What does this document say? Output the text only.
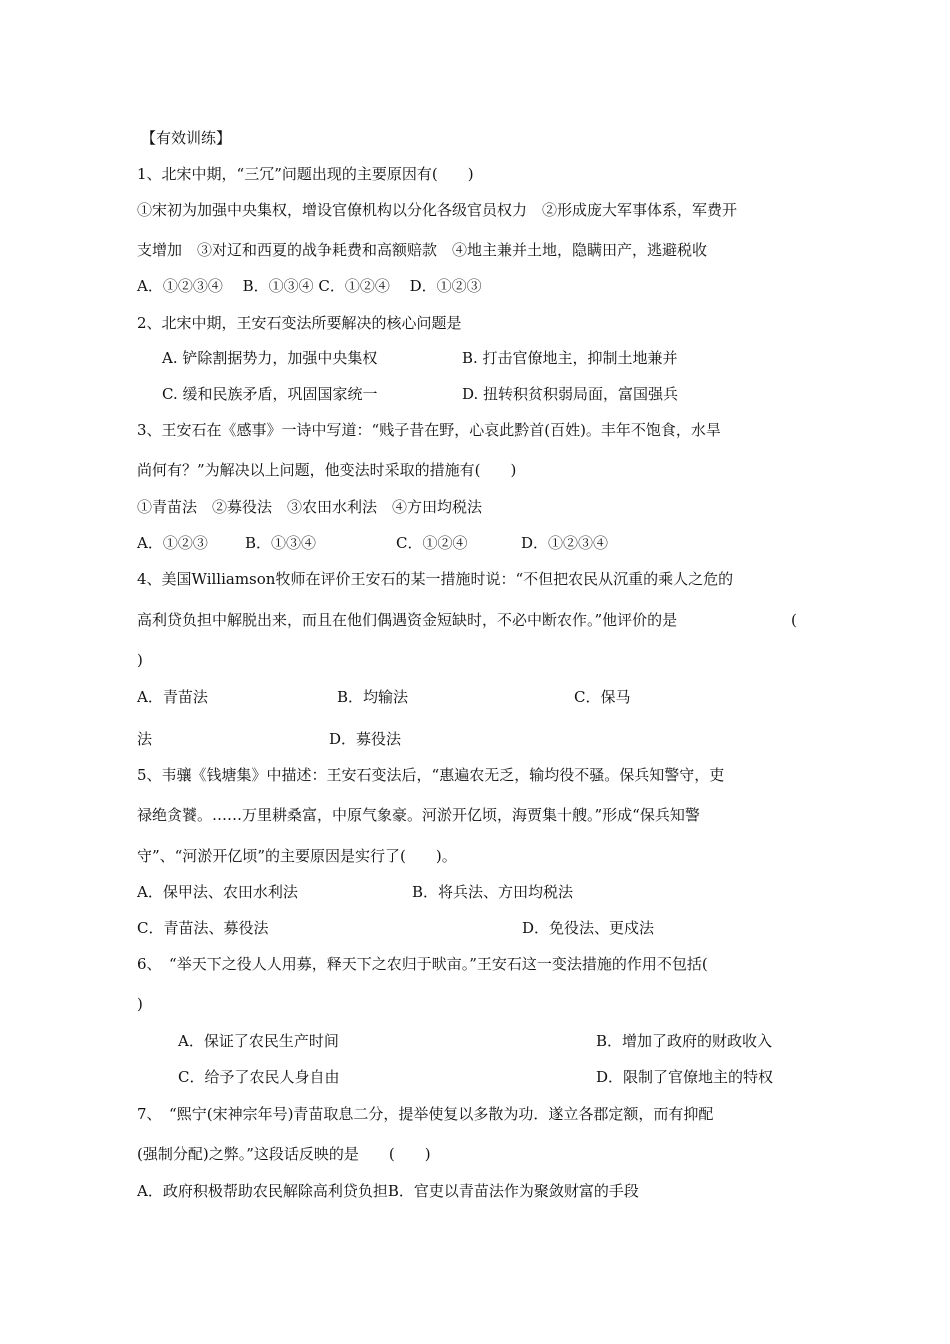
【有效训练】
1、北宋中期，“三冗”问题出现的主要原因有(　　)
①宋初为加强中央集权，增设官僚机构以分化各级官员权力　②形成庞大军事体系，军费开
支增加　③对辽和西夏的战争耗费和高额赔款　④地主兼并土地，隐瞒田产，逃避税收
A．①②③④　 B．①③④ C．①②④　 D．①②③
2、北宋中期，王安石变法所要解决的核心问题是
A. 铲除割据势力，加强中央集权	B. 打击官僚地主，抑制土地兼并
C. 缓和民族矛盾，巩固国家统一	D. 扭转积贫积弱局面，富国强兵
3、王安石在《感事》一诗中写道：“贱子昔在野，心哀此黔首(百姓)。丰年不饱食，水旱
尚何有？”为解决以上问题，他变法时采取的措施有(　　)
①青苗法　②募役法　③农田水利法　④方田均税法
A．①②③ B．①③④	C．①②④	D．①②③④
4、美国Williamson牧师在评价王安石的某一措施时说：“不但把农民从沉重的乘人之危的
高利贷负担中解脱出来，而且在他们偶遇资金短缺时，不必中断农作。”他评价的是	(
)
A．青苗法	B．均输法	C．保马
法	D．募役法
5、韦骧《钱塘集》中描述：王安石变法后，“惠遍农无乏，输均役不骚。保兵知警守，吏
禄绝贪饕。……万里耕桑富，中原气象豪。河淤开亿顷，海贾集十艘。”形成“保兵知警
守”、“河淤开亿顷”的主要原因是实行了(　　)。
A．保甲法、农田水利法	B．将兵法、方田均税法
C．青苗法、募役法	D．免役法、更戍法
6、　“举天下之役人人用募，释天下之农归于畎亩。”王安石这一变法措施的作用不包括(
)
A．保证了农民生产时间	B．增加了政府的财政收入
C．给予了农民人身自由	D．限制了官僚地主的特权
7、　“熙宁(宋神宗年号)青苗取息二分，提举使复以多散为功．遂立各郡定额，而有抑配
(强制分配)之弊。”这段话反映的是　　(　　)
A．政府积极帮助农民解除高利贷负担B．官吏以青苗法作为聚敛财富的手段
